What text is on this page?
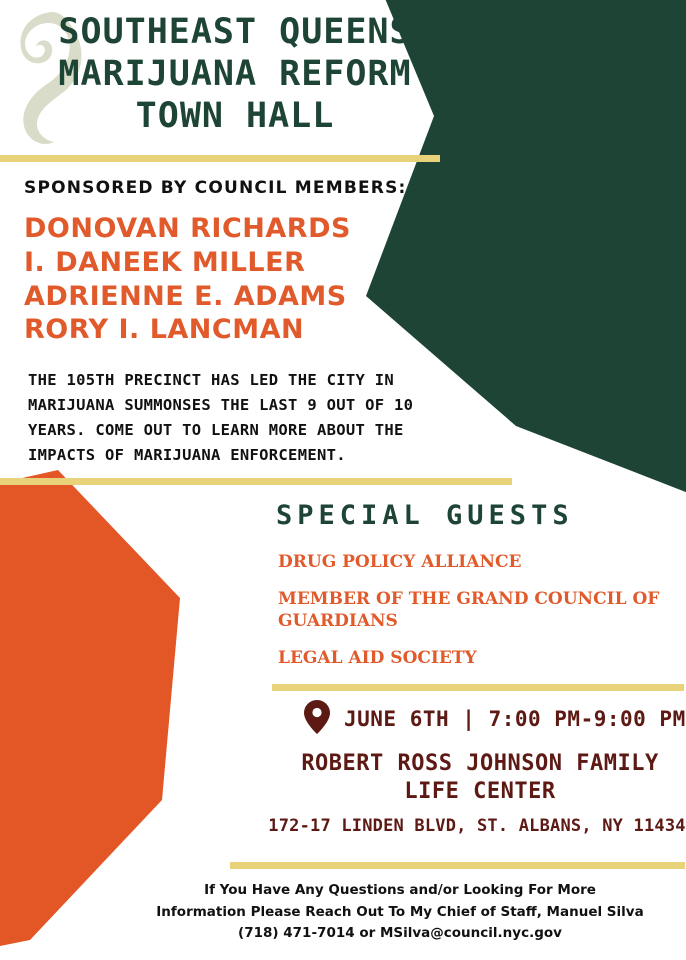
SOUTHEAST QUEENS
MARIJUANA REFORM
TOWN HALL
SPONSORED BY COUNCIL MEMBERS:
DONOVAN RICHARDS
I. DANEEK MILLER
ADRIENNE E. ADAMS
RORY I. LANCMAN
THE 105TH PRECINCT HAS LED THE CITY IN MARIJUANA SUMMONSES THE LAST 9 OUT OF 10 YEARS. COME OUT TO LEARN MORE ABOUT THE IMPACTS OF MARIJUANA ENFORCEMENT.
SPECIAL GUESTS
DRUG POLICY ALLIANCE
MEMBER OF THE GRAND COUNCIL OF GUARDIANS
LEGAL AID SOCIETY
JUNE 6TH | 7:00 PM-9:00 PM
ROBERT ROSS JOHNSON FAMILY LIFE CENTER
172-17 LINDEN BLVD, ST. ALBANS, NY 11434
If You Have Any Questions and/or Looking For More
Information Please Reach Out To My Chief of Staff, Manuel Silva
(718) 471-7014 or MSilva@council.nyc.gov
